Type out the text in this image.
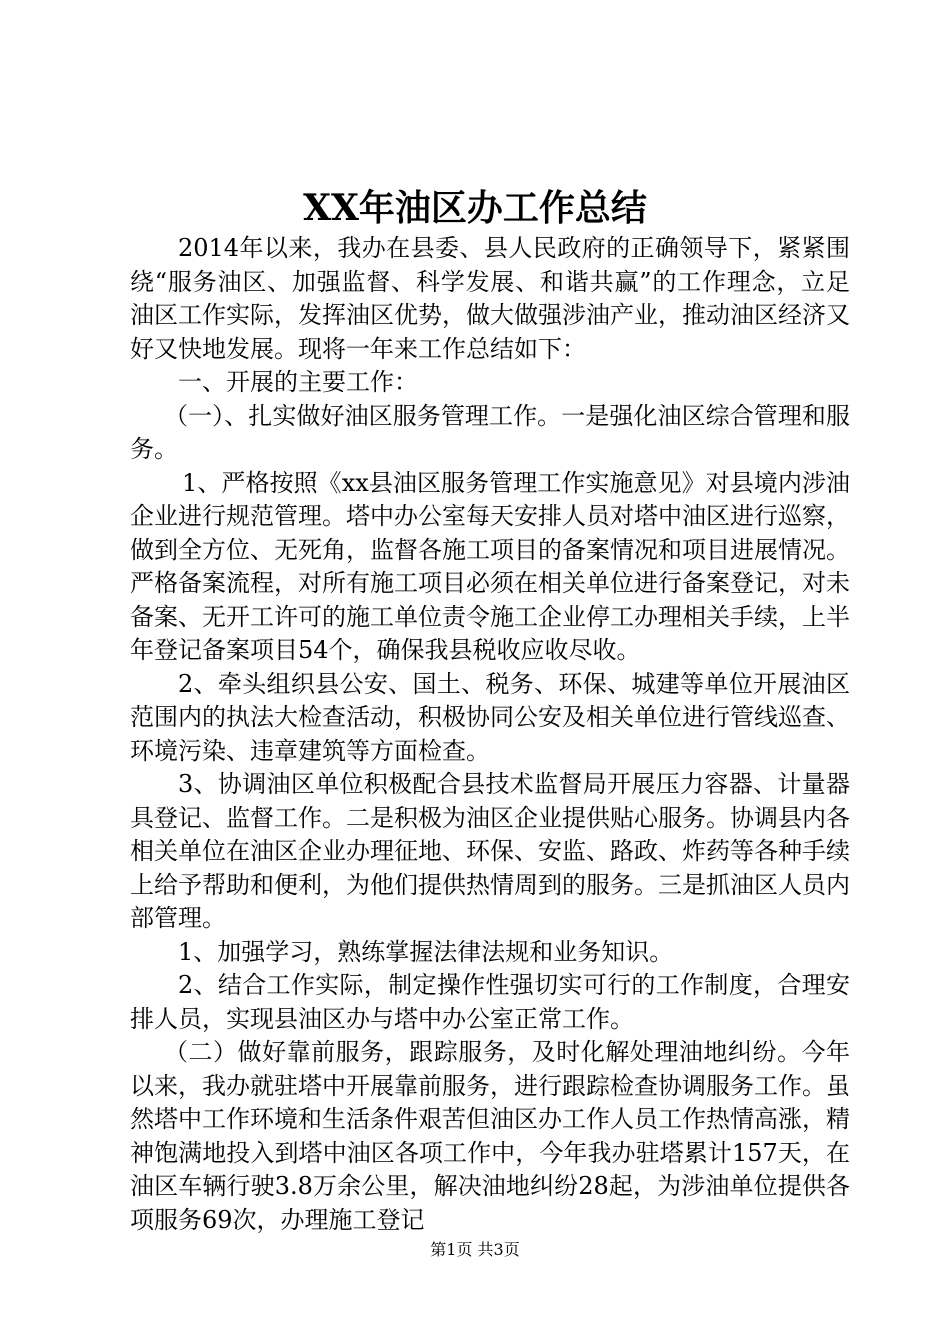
XX年油区办工作总结

2014年以来，我办在县委、县人民政府的正确领导下，紧紧围绕“服务油区、加强监督、科学发展、和谐共赢”的工作理念，立足油区工作实际，发挥油区优势，做大做强涉油产业，推动油区经济又好又快地发展。现将一年来工作总结如下：

一、开展的主要工作：

（一）、扎实做好油区服务管理工作。一是强化油区综合管理和服务。

1、严格按照《xx县油区服务管理工作实施意见》对县境内涉油企业进行规范管理。塔中办公室每天安排人员对塔中油区进行巡察，做到全方位、无死角，监督各施工项目的备案情况和项目进展情况。严格备案流程，对所有施工项目必须在相关单位进行备案登记，对未备案、无开工许可的施工单位责令施工企业停工办理相关手续，上半年登记备案项目54个，确保我县税收应收尽收。

2、牵头组织县公安、国土、税务、环保、城建等单位开展油区范围内的执法大检查活动，积极协同公安及相关单位进行管线巡查、环境污染、违章建筑等方面检查。

3、协调油区单位积极配合县技术监督局开展压力容器、计量器具登记、监督工作。二是积极为油区企业提供贴心服务。协调县内各相关单位在油区企业办理征地、环保、安监、路政、炸药等各种手续上给予帮助和便利，为他们提供热情周到的服务。三是抓油区人员内部管理。

1、加强学习，熟练掌握法律法规和业务知识。

2、结合工作实际，制定操作性强切实可行的工作制度，合理安排人员，实现县油区办与塔中办公室正常工作。

（二）做好靠前服务，跟踪服务，及时化解处理油地纠纷。今年以来，我办就驻塔中开展靠前服务，进行跟踪检查协调服务工作。虽然塔中工作环境和生活条件艰苦但油区办工作人员工作热情高涨，精神饱满地投入到塔中油区各项工作中，今年我办驻塔累计157天，在油区车辆行驶3.8万余公里，解决油地纠纷28起，为涉油单位提供各项服务69次，办理施工登记

第1页 共3页
